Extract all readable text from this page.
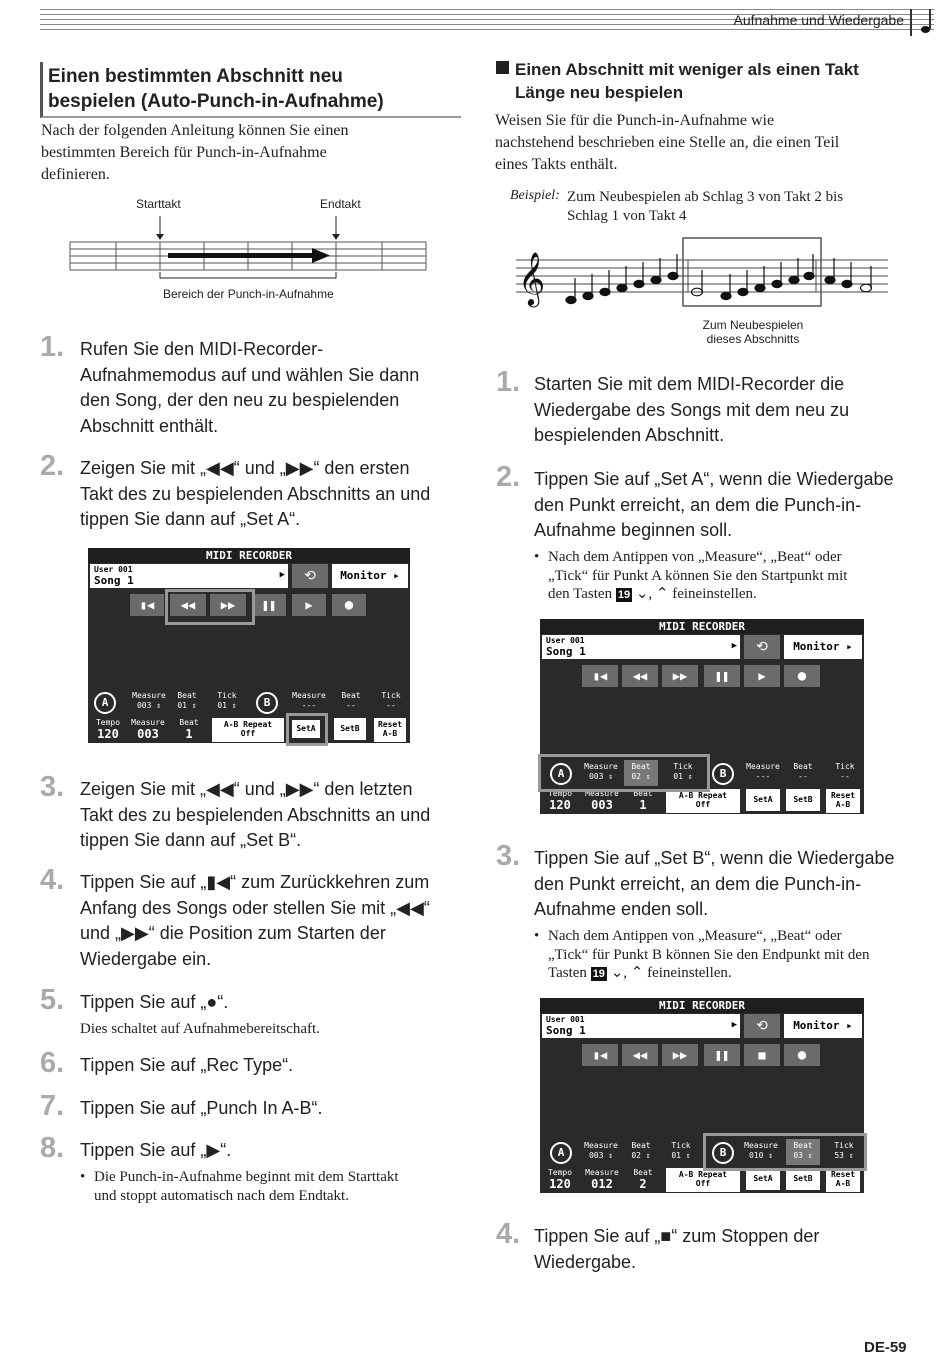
Aufnahme und Wiedergabe
Einen bestimmten Abschnitt neu
bespielen (Auto-Punch-in-Aufnahme)
Nach der folgenden Anleitung können Sie einen
bestimmten Bereich für Punch-in-Aufnahme
definieren.
Starttakt	Endtakt
Bereich der Punch-in-Aufnahme
1. Rufen Sie den MIDI-Recorder-
Aufnahmemodus auf und wählen Sie dann
den Song, der den neu zu bespielenden
Abschnitt enthält.
2. Zeigen Sie mit „◀◀“ und „▶▶“ den ersten
Takt des zu bespielenden Abschnitts an und
tippen Sie dann auf „Set A“.
MIDI RECORDER
User 001
Song 1	▶	⟲	Monitor ▸
▮◀	◀◀	▶▶	❚❚	▶	●
A
Measure
003 ⇕
Beat
01 ⇕
Tick
01 ⇕	B
Measure
---
Beat
--
Tick
--
Tempo
120 ⇕
Measure
003
Beat
1
A-B Repeat
Off
SetA	SetB	Reset
A-B
3. Zeigen Sie mit „◀◀“ und „▶▶“ den letzten
Takt des zu bespielenden Abschnitts an und
tippen Sie dann auf „Set B“.
4. Tippen Sie auf „▮◀“ zum Zurückkehren zum
Anfang des Songs oder stellen Sie mit „◀◀“
und „▶▶“ die Position zum Starten der
Wiedergabe ein.
5. Tippen Sie auf „●“.
Dies schaltet auf Aufnahmebereitschaft.
6. Tippen Sie auf „Rec Type“.
7. Tippen Sie auf „Punch In A-B“.
8. Tippen Sie auf „▶“.
• Die Punch-in-Aufnahme beginnt mit dem Starttakt
und stoppt automatisch nach dem Endtakt.
Einen Abschnitt mit weniger als einen Takt
Länge neu bespielen
Weisen Sie für die Punch-in-Aufnahme wie
nachstehend beschrieben eine Stelle an, die einen Teil
eines Takts enthält.
Beispiel: Zum Neubespielen ab Schlag 3 von Takt 2 bis
Schlag 1 von Takt 4
𝄞
Zum Neubespielen
dieses Abschnitts
1. Starten Sie mit dem MIDI-Recorder die
Wiedergabe des Songs mit dem neu zu
bespielenden Abschnitt.
2. Tippen Sie auf „Set A“, wenn die Wiedergabe
den Punkt erreicht, an dem die Punch-in-
Aufnahme beginnen soll.
• Nach dem Antippen von „Measure“, „Beat“ oder
„Tick“ für Punkt A können Sie den Startpunkt mit
den Tasten 19 ⌄, ⌃ feineinstellen.
MIDI RECORDER
User 001
Song 1	▶	⟲	Monitor ▸
▮◀	◀◀	▶▶	❚❚	▶	●
A
Measure
003 ⇕
Beat
02 ⇕
Tick
01 ⇕	B
Measure
---
Beat
--
Tick
--
Tempo
120 ⇕
Measure
003
Beat
1
A-B Repeat
Off
SetA	SetB	Reset
A-B
3. Tippen Sie auf „Set B“, wenn die Wiedergabe
den Punkt erreicht, an dem die Punch-in-
Aufnahme enden soll.
• Nach dem Antippen von „Measure“, „Beat“ oder
„Tick“ für Punkt B können Sie den Endpunkt mit den
Tasten 19 ⌄, ⌃ feineinstellen.
MIDI RECORDER
User 001
Song 1	▶	⟲	Monitor ▸
▮◀	◀◀	▶▶	❚❚	■	●
A
Measure
003 ⇕
Beat
02 ⇕
Tick
01 ⇕	B
Measure
010 ⇕
Beat
03 ⇕
Tick
53 ⇕
Tempo
120 ⇕
Measure
012
Beat
2
A-B Repeat
Off
SetA	SetB	Reset
A-B
4. Tippen Sie auf „■“ zum Stoppen der
Wiedergabe.
DE-59
